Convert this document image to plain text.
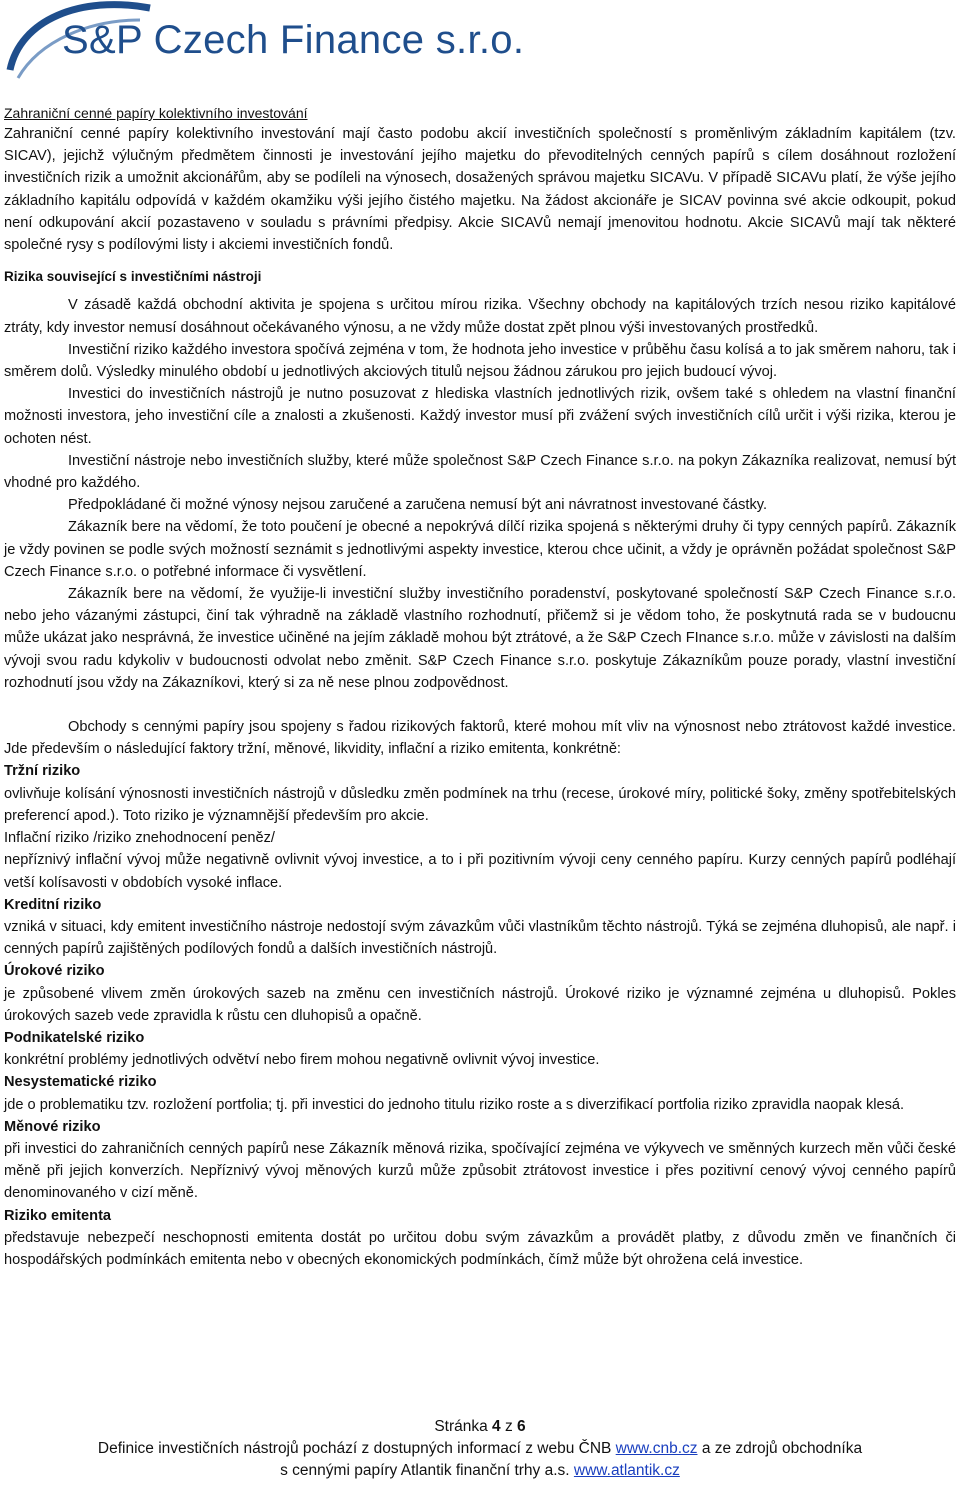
S&P Czech Finance s.r.o.

Zahraniční cenné papíry kolektivního investování

Zahraniční cenné papíry kolektivního investování mají často podobu akcií investičních společností s proměnlivým základním kapitálem (tzv. SICAV), jejichž výlučným předmětem činnosti je investování jejího majetku do převoditelných cenných papírů s cílem dosáhnout rozložení investičních rizik a umožnit akcionářům, aby se podíleli na výnosech, dosažených správou majetku SICAVu. V případě SICAVu platí, že výše jejího základního kapitálu odpovídá v každém okamžiku výši jejího čistého majetku. Na žádost akcionáře je SICAV povinna své akcie odkoupit, pokud není odkupování akcií pozastaveno v souladu s právními předpisy. Akcie SICAVů nemají jmenovitou hodnotu. Akcie SICAVů mají tak některé společné rysy s podílovými listy i akciemi investičních fondů.

Rizika související s investičními nástroji

V zásadě každá obchodní aktivita je spojena s určitou mírou rizika. Všechny obchody na kapitálových trzích nesou riziko kapitálové ztráty, kdy investor nemusí dosáhnout očekávaného výnosu, a ne vždy může dostat zpět plnou výši investovaných prostředků.

Investiční riziko každého investora spočívá zejména v tom, že hodnota jeho investice v průběhu času kolísá a to jak směrem nahoru, tak i směrem dolů. Výsledky minulého období u jednotlivých akciových titulů nejsou žádnou zárukou pro jejich budoucí vývoj.

Investici do investičních nástrojů je nutno posuzovat z hlediska vlastních jednotlivých rizik, ovšem také s ohledem na vlastní finanční možnosti investora, jeho investiční cíle a znalosti a zkušenosti. Každý investor musí při zvážení svých investičních cílů určit i výši rizika, kterou je ochoten nést.

Investiční nástroje nebo investičních služby, které může společnost S&P Czech Finance s.r.o. na pokyn Zákazníka realizovat, nemusí být vhodné pro každého.

Předpokládané či možné výnosy nejsou zaručené a zaručena nemusí být ani návratnost investované částky.

Zákazník bere na vědomí, že toto poučení je obecné a nepokrývá dílčí rizika spojená s některými druhy či typy cenných papírů. Zákazník je vždy povinen se podle svých možností seznámit s jednotlivými aspekty investice, kterou chce učinit, a vždy je oprávněn požádat společnost S&P Czech Finance s.r.o. o potřebné informace či vysvětlení.

Zákazník bere na vědomí, že využije-li investiční služby investičního poradenství, poskytované společností S&P Czech Finance s.r.o. nebo jeho vázanými zástupci, činí tak výhradně na základě vlastního rozhodnutí, přičemž si je vědom toho, že poskytnutá rada se v budoucnu může ukázat jako nesprávná, že investice učiněné na jejím základě mohou být ztrátové, a že S&P Czech FInance s.r.o. může v závislosti na dalším vývoji svou radu kdykoliv v budoucnosti odvolat nebo změnit. S&P Czech Finance s.r.o. poskytuje Zákazníkům pouze porady, vlastní investiční rozhodnutí jsou vždy na Zákazníkovi, který si za ně nese plnou zodpovědnost.

Obchody s cennými papíry jsou spojeny s řadou rizikových faktorů, které mohou mít vliv na výnosnost nebo ztrátovost každé investice. Jde především o následující faktory tržní, měnové, likvidity, inflační a riziko emitenta, konkrétně:

Tržní riziko

ovlivňuje kolísání výnosnosti investičních nástrojů v důsledku změn podmínek na trhu (recese, úrokové míry, politické šoky, změny spotřebitelských preferencí apod.). Toto riziko je významnější především pro akcie.

Inflační riziko /riziko znehodnocení peněz/

nepříznivý inflační vývoj může negativně ovlivnit vývoj investice, a to i při pozitivním vývoji ceny cenného papíru. Kurzy cenných papírů podléhají vetší kolísavosti v obdobích vysoké inflace.

Kreditní riziko

vzniká v situaci, kdy emitent investičního nástroje nedostojí svým závazkům vůči vlastníkům těchto nástrojů. Týká se zejména dluhopisů, ale např. i cenných papírů zajištěných podílových fondů a dalších investičních nástrojů.

Úrokové riziko

je způsobené vlivem změn úrokových sazeb na změnu cen investičních nástrojů. Úrokové riziko je významné zejména u dluhopisů. Pokles úrokových sazeb vede zpravidla k růstu cen dluhopisů a opačně.

Podnikatelské riziko

konkrétní problémy jednotlivých odvětví nebo firem mohou negativně ovlivnit vývoj investice.

Nesystematické riziko

jde o problematiku tzv. rozložení portfolia; tj. při investici do jednoho titulu riziko roste a s diverzifikací portfolia riziko zpravidla naopak klesá.

Měnové riziko

při investici do zahraničních cenných papírů nese Zákazník měnová rizika, spočívající zejména ve výkyvech ve směnných kurzech měn vůči české měně při jejich konverzích. Nepříznivý vývoj měnových kurzů může způsobit ztrátovost investice i přes pozitivní cenový vývoj cenného papírů denominovaného v cizí měně.

Riziko emitenta

představuje nebezpečí neschopnosti emitenta dostát po určitou dobu svým závazkům a provádět platby, z důvodu změn ve finančních či hospodářských podmínkách emitenta nebo v obecných ekonomických podmínkách, čímž může být ohrožena celá investice.

Stránka 4 z 6
Definice investičních nástrojů pochází z dostupných informací z webu ČNB www.cnb.cz a ze zdrojů obchodníka
s cennými papíry Atlantik finanční trhy a.s. www.atlantik.cz
